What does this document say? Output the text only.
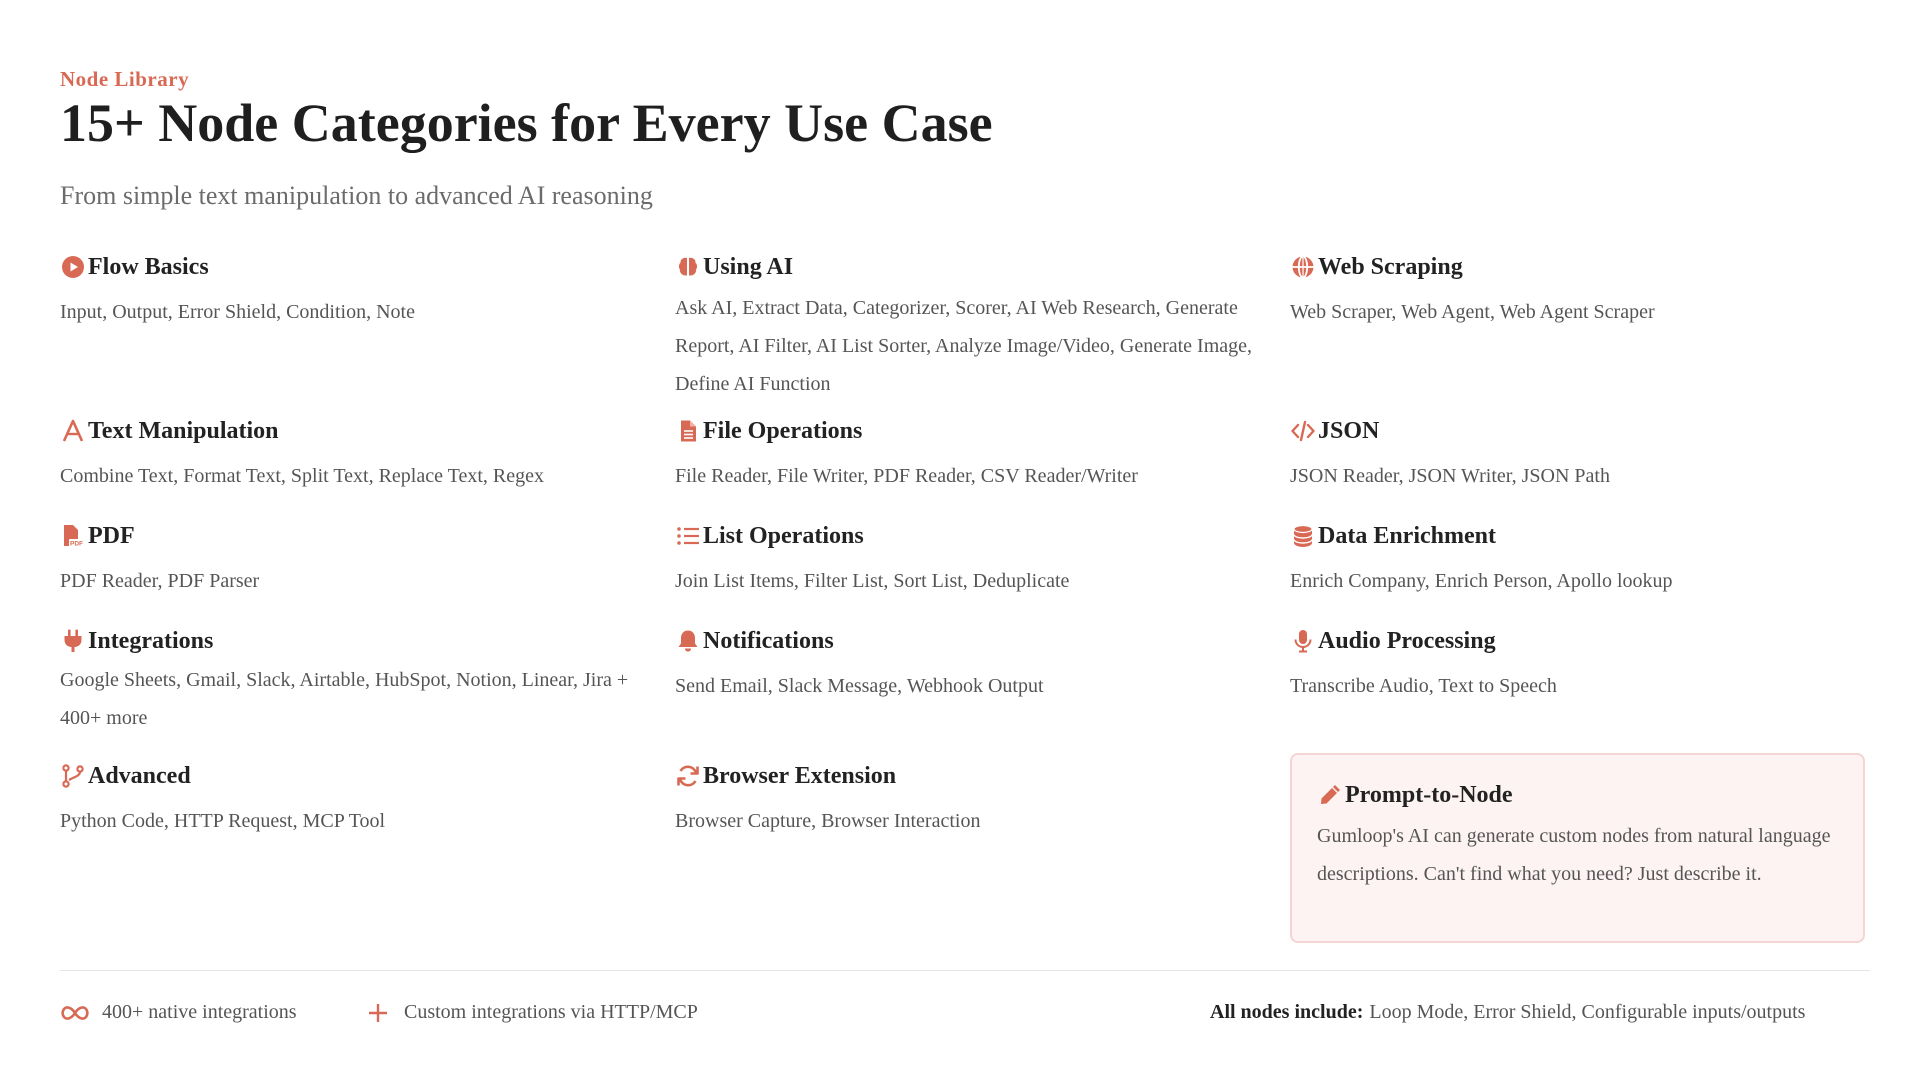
Node Library
15+ Node Categories for Every Use Case
From simple text manipulation to advanced AI reasoning
Flow Basics
Input, Output, Error Shield, Condition, Note
Using AI
Ask AI, Extract Data, Categorizer, Scorer, AI Web Research, Generate Report, AI Filter, AI List Sorter, Analyze Image/Video, Generate Image, Define AI Function
Web Scraping
Web Scraper, Web Agent, Web Agent Scraper
Text Manipulation
Combine Text, Format Text, Split Text, Replace Text, Regex
File Operations
File Reader, File Writer, PDF Reader, CSV Reader/Writer
JSON
JSON Reader, JSON Writer, JSON Path
PDF PDF
PDF Reader, PDF Parser
List Operations
Join List Items, Filter List, Sort List, Deduplicate
Data Enrichment
Enrich Company, Enrich Person, Apollo lookup
Integrations
Google Sheets, Gmail, Slack, Airtable, HubSpot, Notion, Linear, Jira + 400+ more
Notifications
Send Email, Slack Message, Webhook Output
Audio Processing
Transcribe Audio, Text to Speech
Advanced
Python Code, HTTP Request, MCP Tool
Browser Extension
Browser Capture, Browser Interaction
Prompt-to-Node
Gumloop's AI can generate custom nodes from natural language descriptions. Can't find what you need? Just describe it.
400+ native integrations	Custom integrations via HTTP/MCP	All nodes include: Loop Mode, Error Shield, Configurable inputs/outputs
